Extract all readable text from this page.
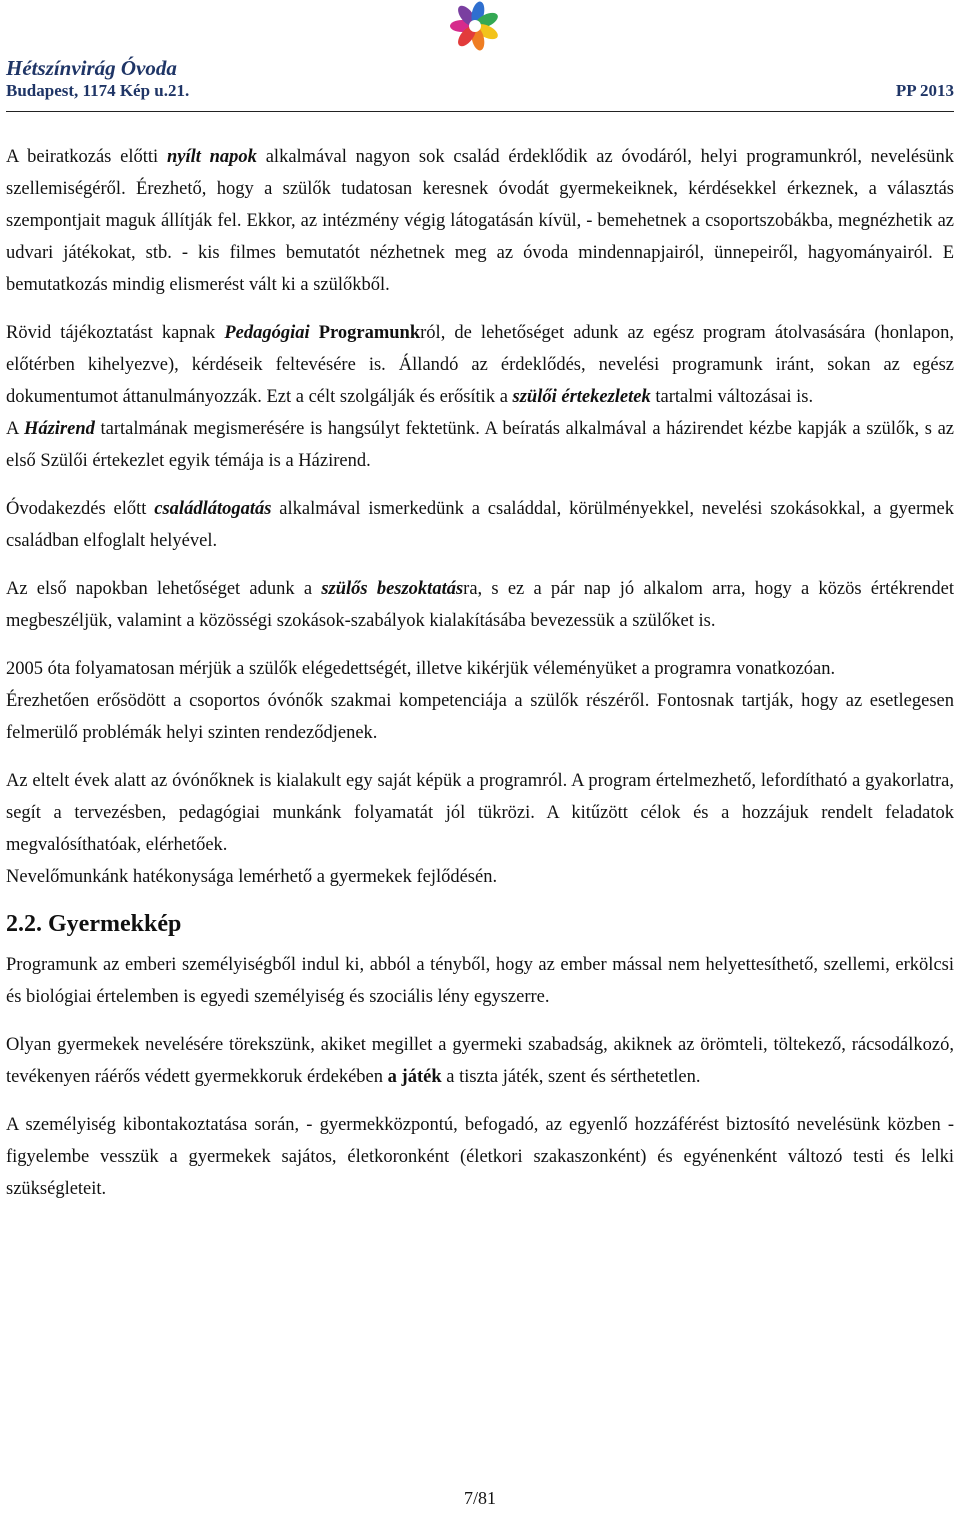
Hétszínvirág Óvoda
Budapest, 1174 Kép u.21.	PP 2013

A beiratkozás előtti nyílt napok alkalmával nagyon sok család érdeklődik az óvodáról, helyi programunkról, nevelésünk szellemiségéről. Érezhető, hogy a szülők tudatosan keresnek óvodát gyermekeiknek, kérdésekkel érkeznek, a választás szempontjait maguk állítják fel. Ekkor, az intézmény végig látogatásán kívül, - bemehetnek a csoportszobákba, megnézhetik az udvari játékokat, stb. - kis filmes bemutatót nézhetnek meg az óvoda mindennapjairól, ünnepeiről, hagyományairól. E bemutatkozás mindig elismerést vált ki a szülőkből.

Rövid tájékoztatást kapnak Pedagógiai Programunkról, de lehetőséget adunk az egész program átolvasására (honlapon, előtérben kihelyezve), kérdéseik feltevésére is. Állandó az érdeklődés, nevelési programunk iránt, sokan az egész dokumentumot áttanulmányozzák. Ezt a célt szolgálják és erősítik a szülői értekezletek tartalmi változásai is.

A Házirend tartalmának megismerésére is hangsúlyt fektetünk. A beíratás alkalmával a házirendet kézbe kapják a szülők, s az első Szülői értekezlet egyik témája is a Házirend.

Óvodakezdés előtt családlátogatás alkalmával ismerkedünk a családdal, körülményekkel, nevelési szokásokkal, a gyermek családban elfoglalt helyével.

Az első napokban lehetőséget adunk a szülős beszoktatásra, s ez a pár nap jó alkalom arra, hogy a közös értékrendet megbeszéljük, valamint a közösségi szokások-szabályok kialakításába bevezessük a szülőket is.

2005 óta folyamatosan mérjük a szülők elégedettségét, illetve kikérjük véleményüket a programra vonatkozóan.

Érezhetően erősödött a csoportos óvónők szakmai kompetenciája a szülők részéről. Fontosnak tartják, hogy az esetlegesen felmerülő problémák helyi szinten rendeződjenek.

Az eltelt évek alatt az óvónőknek is kialakult egy saját képük a programról. A program értelmezhető, lefordítható a gyakorlatra, segít a tervezésben, pedagógiai munkánk folyamatát jól tükrözi. A kitűzött célok és a hozzájuk rendelt feladatok megvalósíthatóak, elérhetőek.

Nevelőmunkánk hatékonysága lemérhető a gyermekek fejlődésén.

2.2. Gyermekkép

Programunk az emberi személyiségből indul ki, abból a tényből, hogy az ember mással nem helyettesíthető, szellemi, erkölcsi és biológiai értelemben is egyedi személyiség és szociális lény egyszerre.

Olyan gyermekek nevelésére törekszünk, akiket megillet a gyermeki szabadság, akiknek az örömteli, töltekező, rácsodálkozó, tevékenyen ráérős védett gyermekkoruk érdekében a játék a tiszta játék, szent és sérthetetlen.

A személyiség kibontakoztatása során, - gyermekközpontú, befogadó, az egyenlő hozzáférést biztosító nevelésünk közben - figyelembe vesszük a gyermekek sajátos, életkoronként (életkori szakaszonként) és egyénenként változó testi és lelki szükségleteit.

7/81
